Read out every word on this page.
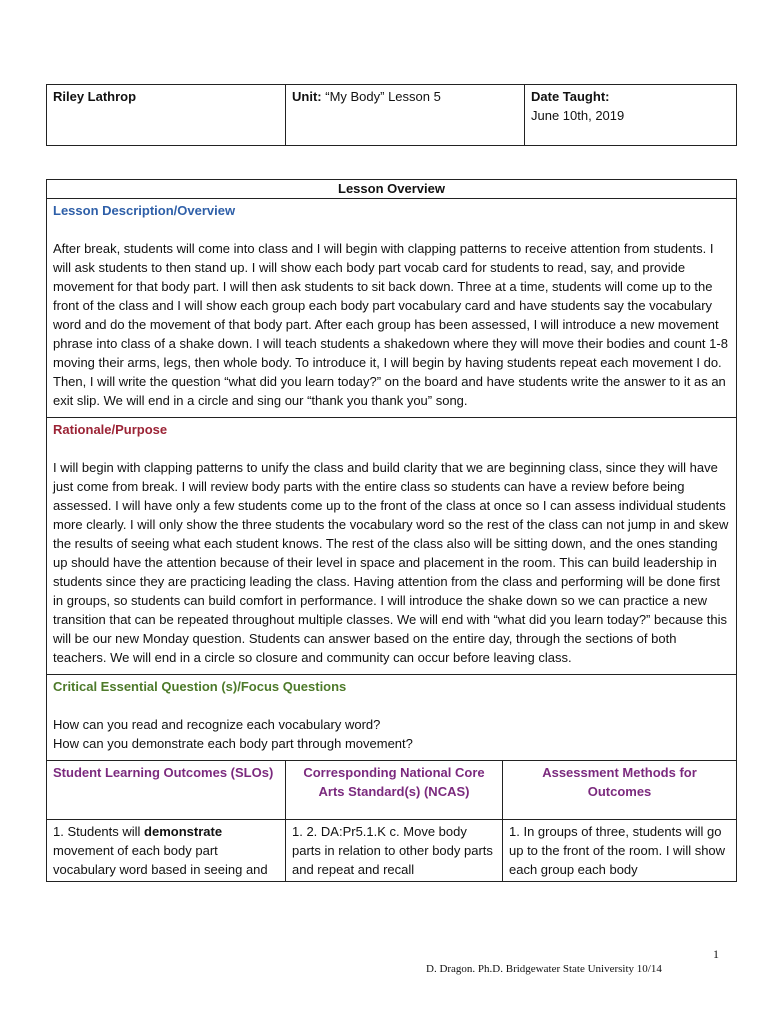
Riley Lathrop	Unit: “My Body” Lesson 5	Date Taught:
June 10th, 2019
Lesson Overview		

Lesson Description/Overview

After break, students will come into class and I will begin with clapping patterns to receive attention from students. I will ask students to then stand up. I will show each body part vocab card for students to read, say, and provide movement for that body part. I will then ask students to sit back down. Three at a time, students will come up to the front of the class and I will show each group each body part vocabulary card and have students say the vocabulary word and do the movement of that body part. After each group has been assessed, I will introduce a new movement phrase into class of a shake down. I will teach students a shakedown where they will move their bodies and count 1-8 moving their arms, legs, then whole body. To introduce it, I will begin by having students repeat each movement I do. Then, I will write the question “what did you learn today?” on the board and have students write the answer to it as an exit slip. We will end in a circle and sing our “thank you thank you” song.		

Rationale/Purpose

I will begin with clapping patterns to unify the class and build clarity that we are beginning class, since they will have just come from break. I will review body parts with the entire class so students can have a review before being assessed. I will have only a few students come up to the front of the class at once so I can assess individual students more clearly. I will only show the three students the vocabulary word so the rest of the class can not jump in and skew the results of seeing what each student knows. The rest of the class also will be sitting down, and the ones standing up should have the attention because of their level in space and placement in the room. This can build leadership in students since they are practicing leading the class. Having attention from the class and performing will be done first in groups, so students can build comfort in performance. I will introduce the shake down so we can practice a new transition that can be repeated throughout multiple classes. We will end with “what did you learn today?” because this will be our new Monday question. Students can answer based on the entire day, through the sections of both teachers. We will end in a circle so closure and community can occur before leaving class.		

Critical Essential Question (s)/Focus Questions
How can you read and recognize each vocabulary word?
How can you demonstrate each body part through movement?		

Student Learning Outcomes (SLOs)	Corresponding National Core Arts Standard(s) (NCAS)	Assessment Methods for Outcomes
1. Students will demonstrate movement of each body part vocabulary word based in seeing and	1. 2. DA:Pr5.1.K c. Move body parts in relation to other body parts and repeat and recall	1. In groups of three, students will go up to the front of the room. I will show each group each body
1
D. Dragon. Ph.D. Bridgewater State University 10/14
